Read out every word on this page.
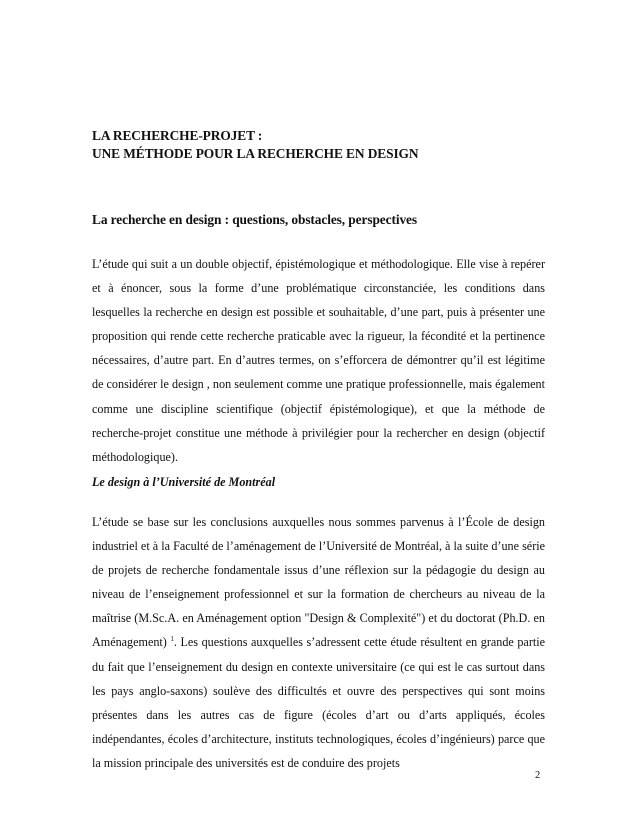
LA RECHERCHE-PROJET :
UNE MÉTHODE POUR LA RECHERCHE EN DESIGN
La recherche en design : questions, obstacles, perspectives

L’étude qui suit a un double objectif, épistémologique et méthodologique. Elle vise à repérer et à énoncer, sous la forme d’une problématique circonstanciée, les conditions dans lesquelles la recherche en design est possible et souhaitable, d’une part, puis à présenter une proposition qui rende cette recherche praticable avec la rigueur, la fécondité et la pertinence nécessaires, d’autre part. En d’autres termes, on s’efforcera de démontrer qu’il est légitime de considérer le design , non seulement comme une pratique professionnelle, mais également comme une discipline scientifique (objectif épistémologique), et que la méthode de recherche-projet constitue une méthode à privilégier pour la rechercher en design (objectif méthodologique).

Le design à l’Université de Montréal

L’étude se base sur les conclusions auxquelles nous sommes parvenus à l’École de design industriel et à la Faculté de l’aménagement de l’Université de Montréal, à la suite d’une série de projets de recherche fondamentale issus d’une réflexion sur la pédagogie du design au niveau de l’enseignement professionnel et sur la formation de chercheurs au niveau de la maîtrise (M.Sc.A. en Aménagement option "Design & Complexité") et du doctorat (Ph.D. en Aménagement) $^1$. Les questions auxquelles s’adressent cette étude résultent en grande partie du fait que l’enseignement du design en contexte universitaire (ce qui est le cas surtout dans les pays anglo-saxons) soulève des difficultés et ouvre des perspectives qui sont moins présentes dans les autres cas de figure (écoles d’art ou d’arts appliqués, écoles indépendantes, écoles d’architecture, instituts technologiques, écoles d’ingénieurs) parce que la mission principale des universités est de conduire des projets

2
